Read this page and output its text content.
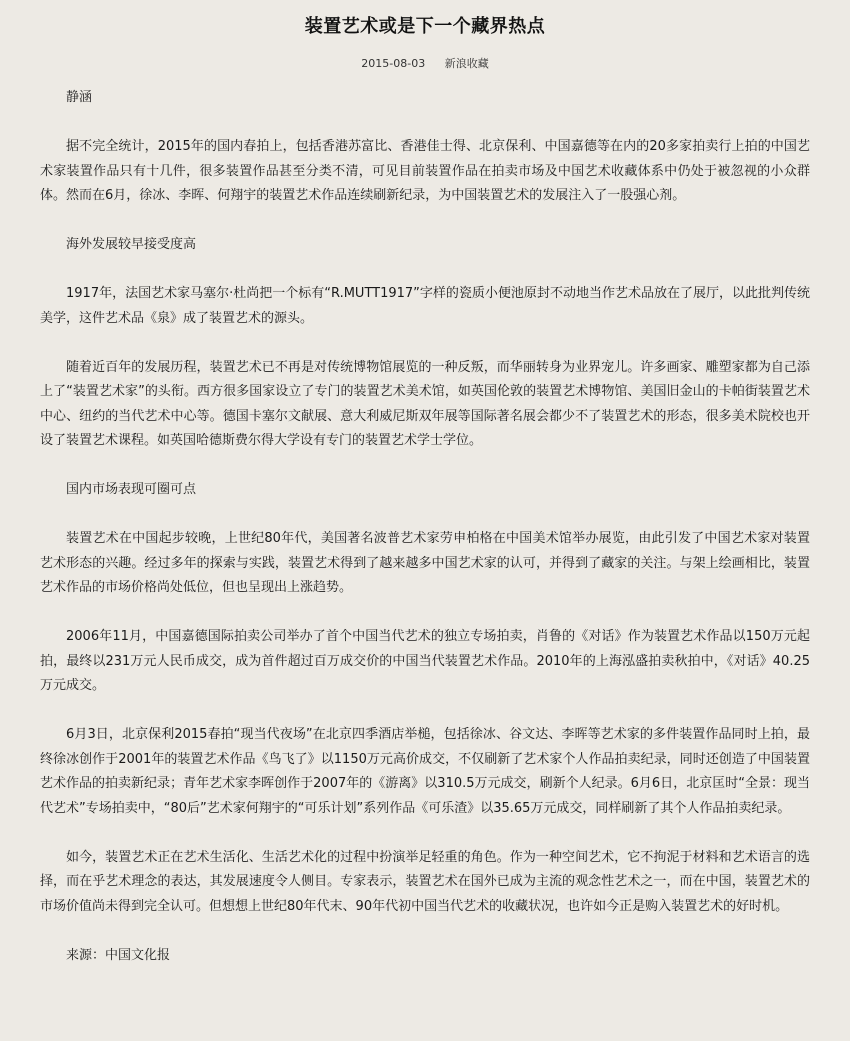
装置艺术或是下一个藏界热点
2015-08-03 新浪收藏

静涵

据不完全统计，2015年的国内春拍上，包括香港苏富比、香港佳士得、北京保利、中国嘉德等在内的20多家拍卖行上拍的中国艺术家装置作品只有十几件，很多装置作品甚至分类不清，可见目前装置作品在拍卖市场及中国艺术收藏体系中仍处于被忽视的小众群体。然而在6月，徐冰、李晖、何翔宇的装置艺术作品连续刷新纪录，为中国装置艺术的发展注入了一股强心剂。

海外发展较早接受度高

1917年，法国艺术家马塞尔·杜尚把一个标有“R.MUTT1917”字样的瓷质小便池原封不动地当作艺术品放在了展厅，以此批判传统美学，这件艺术品《泉》成了装置艺术的源头。

随着近百年的发展历程，装置艺术已不再是对传统博物馆展览的一种反叛，而华丽转身为业界宠儿。许多画家、雕塑家都为自己添上了“装置艺术家”的头衔。西方很多国家设立了专门的装置艺术美术馆，如英国伦敦的装置艺术博物馆、美国旧金山的卡帕街装置艺术中心、纽约的当代艺术中心等。德国卡塞尔文献展、意大利威尼斯双年展等国际著名展会都少不了装置艺术的形态，很多美术院校也开设了装置艺术课程。如英国哈德斯费尔得大学设有专门的装置艺术学士学位。

国内市场表现可圈可点

装置艺术在中国起步较晚，上世纪80年代，美国著名波普艺术家劳申柏格在中国美术馆举办展览，由此引发了中国艺术家对装置艺术形态的兴趣。经过多年的探索与实践，装置艺术得到了越来越多中国艺术家的认可，并得到了藏家的关注。与架上绘画相比，装置艺术作品的市场价格尚处低位，但也呈现出上涨趋势。

2006年11月，中国嘉德国际拍卖公司举办了首个中国当代艺术的独立专场拍卖，肖鲁的《对话》作为装置艺术作品以150万元起拍，最终以231万元人民币成交，成为首件超过百万成交价的中国当代装置艺术作品。2010年的上海泓盛拍卖秋拍中，《对话》40.25万元成交。

6月3日，北京保利2015春拍“现当代夜场”在北京四季酒店举槌，包括徐冰、谷文达、李晖等艺术家的多件装置作品同时上拍，最终徐冰创作于2001年的装置艺术作品《鸟飞了》以1150万元高价成交，不仅刷新了艺术家个人作品拍卖纪录，同时还创造了中国装置艺术作品的拍卖新纪录；青年艺术家李晖创作于2007年的《游离》以310.5万元成交，刷新个人纪录。6月6日，北京匡时“全景：现当代艺术”专场拍卖中，“80后”艺术家何翔宇的“可乐计划”系列作品《可乐渣》以35.65万元成交，同样刷新了其个人作品拍卖纪录。

如今，装置艺术正在艺术生活化、生活艺术化的过程中扮演举足轻重的角色。作为一种空间艺术，它不拘泥于材料和艺术语言的选择，而在乎艺术理念的表达，其发展速度令人侧目。专家表示，装置艺术在国外已成为主流的观念性艺术之一，而在中国，装置艺术的市场价值尚未得到完全认可。但想想上世纪80年代末、90年代初中国当代艺术的收藏状况，也许如今正是购入装置艺术的好时机。

来源：中国文化报
